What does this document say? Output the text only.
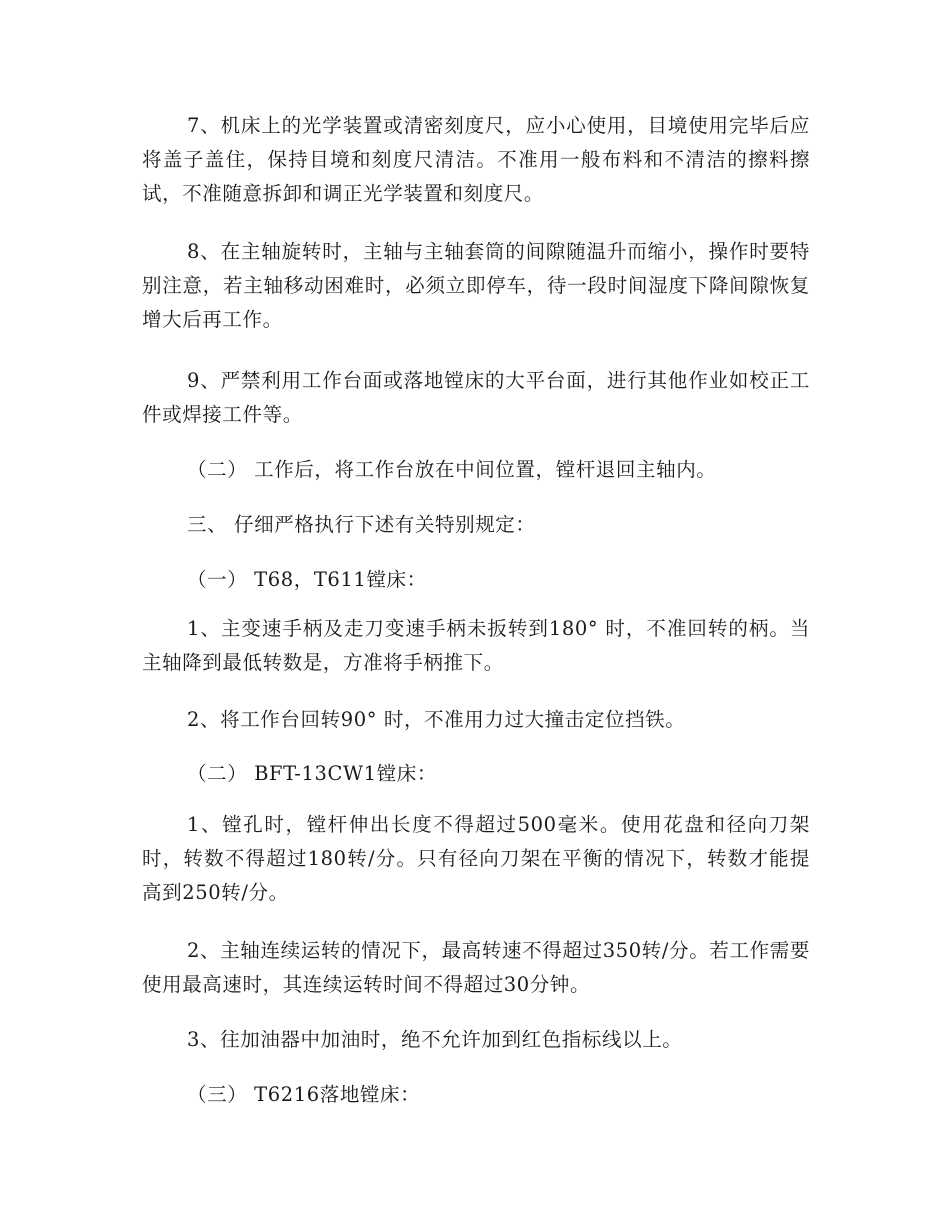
7、机床上的光学装置或清密刻度尺，应小心使用，目境使用完毕后应将盖子盖住，保持目境和刻度尺清洁。不准用一般布料和不清洁的擦料擦试，不准随意拆卸和调正光学装置和刻度尺。

8、在主轴旋转时，主轴与主轴套筒的间隙随温升而缩小，操作时要特别注意，若主轴移动困难时，必须立即停车，待一段时间湿度下降间隙恢复增大后再工作。

9、严禁利用工作台面或落地镗床的大平台面，进行其他作业如校正工件或焊接工件等。

（二） 工作后，将工作台放在中间位置，镗杆退回主轴内。

三、 仔细严格执行下述有关特别规定：

（一） T68，T611镗床：

1、主变速手柄及走刀变速手柄未扳转到180° 时，不准回转的柄。当主轴降到最低转数是，方准将手柄推下。

2、将工作台回转90° 时，不准用力过大撞击定位挡铁。

（二） BFT-13CW1镗床：

1、镗孔时，镗杆伸出长度不得超过500毫米。使用花盘和径向刀架时，转数不得超过180转/分。只有径向刀架在平衡的情况下，转数才能提高到250转/分。

2、主轴连续运转的情况下，最高转速不得超过350转/分。若工作需要使用最高速时，其连续运转时间不得超过30分钟。

3、往加油器中加油时，绝不允许加到红色指标线以上。

（三） T6216落地镗床：
